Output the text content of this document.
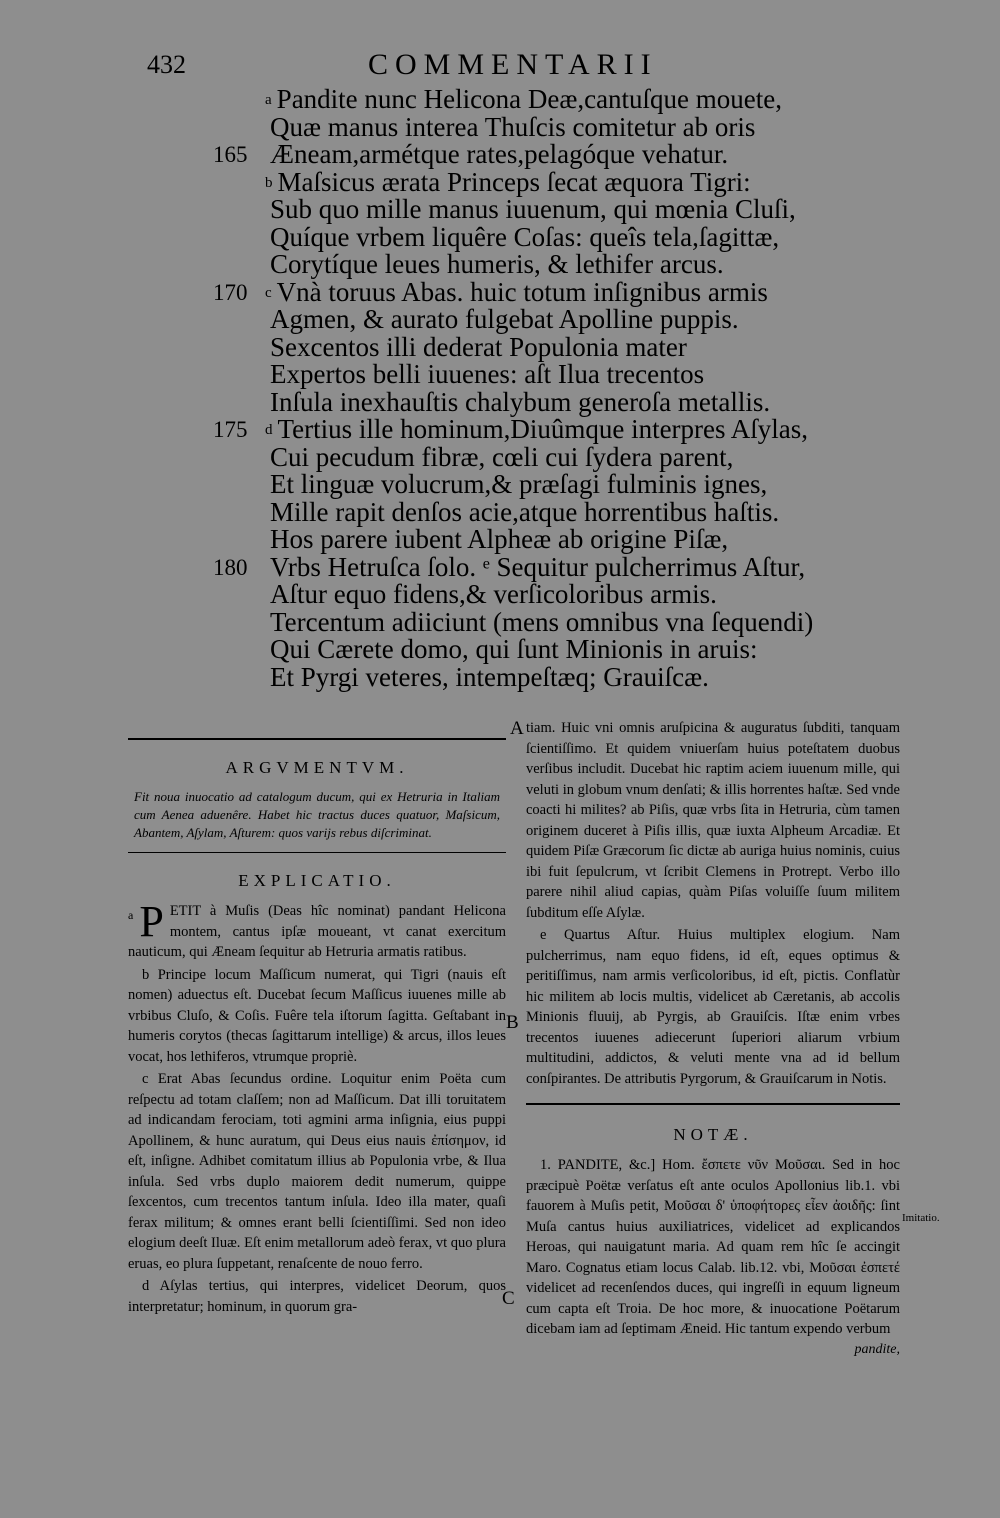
432	COMMENTARII
a Pandite nunc Helicona Deæ,cantuſque mouete,
Quæ manus interea Thuſcis comitetur ab oris
165 Æneam,armétque rates,pelagóque vehatur.
b Maſsicus ærata Princeps ſecat æquora Tigri:
Sub quo mille manus iuuenum, qui mœnia Cluſi,
Quíque vrbem liquêre Coſas: queîs tela,ſagittæ,
Corytíque leues humeris, & lethifer arcus.
170	c Vnà toruus Abas. huic totum inſignibus armis
Agmen, & aurato fulgebat Apolline puppis.
Sexcentos illi dederat Populonia mater
Expertos belli iuuenes: aſt Ilua trecentos
Inſula inexhauſtis chalybum generoſa metallis.
175	d Tertius ille hominum,Diuûmque interpres Aſylas,
Cui pecudum fibræ, cœli cui ſydera parent,
Et linguæ volucrum,& præſagi fulminis ignes,
Mille rapit denſos acie,atque horrentibus haſtis.
Hos parere iubent Alpheæ ab origine Piſæ,
180 Vrbs Hetruſca ſolo. ᵉ Sequitur pulcherrimus Aſtur,
Aſtur equo fidens,& verſicoloribus armis.
Tercentum adiiciunt (mens omnibus vna ſequendi)
Qui Cærete domo, qui ſunt Minionis in aruis:
Et Pyrgi veteres, intempeſtæq; Grauiſcæ.
A
B
C
ARGVMENTVM.
Fit noua inuocatio ad catalogum ducum, qui ex Hetruria in Italiam cum Aenea aduenêre. Habet hic tractus duces quatuor, Maſsicum, Abantem, Aſylam, Aſturem: quos varijs rebus diſcriminat.
EXPLICATIO.
a P ETIT à Muſis (Deas hîc nominat) pandant Helicona montem, cantus ipſæ moueant, vt canat exercitum nauticum, qui Æneam ſequitur ab Hetruria armatis ratibus.
b Principe locum Maſſicum numerat, qui Tigri (nauis eſt nomen) aduectus eſt. Ducebat ſecum Maſſicus iuuenes mille ab vrbibus Cluſo, & Coſis. Fuêre tela iſtorum ſagitta. Geſtabant in humeris corytos (thecas ſagittarum intellige) & arcus, illos leues vocat, hos lethiferos, vtrumque propriè.
c Erat Abas ſecundus ordine. Loquitur enim Poëta cum reſpectu ad totam claſſem; non ad Maſſicum. Dat illi toruitatem ad indicandam ferociam, toti agmini arma inſignia, eius puppi Apollinem, & hunc auratum, qui Deus eius nauis ἐπίσημον, id eſt, inſigne. Adhibet comitatum illius ab Populonia vrbe, & Ilua inſula. Sed vrbs duplo maiorem dedit numerum, quippe ſexcentos, cum trecentos tantum inſula. Ideo illa mater, quaſi ferax militum; & omnes erant belli ſcientiſſimi. Sed non ideo elogium deeſt Iluæ. Eſt enim metallorum adeò ferax, vt quo plura eruas, eo plura ſuppetant, renaſcente de nouo ferro.
d Aſylas tertius, qui interpres, videlicet Deorum, quos interpretatur; hominum, in quorum gra-
tiam. Huic vni omnis aruſpicina & auguratus ſubditi, tanquam ſcientiſſimo. Et quidem vniuerſam huius poteſtatem duobus verſibus includit. Ducebat hic raptim aciem iuuenum mille, qui veluti in globum vnum denſati; & illis horrentes haſtæ. Sed vnde coacti hi milites? ab Piſis, quæ vrbs ſita in Hetruria, cùm tamen originem duceret à Piſis illis, quæ iuxta Alpheum Arcadiæ. Et quidem Piſæ Græcorum ſic dictæ ab auriga huius nominis, cuius ibi fuit ſepulcrum, vt ſcribit Clemens in Protrept. Verbo illo parere nihil aliud capias, quàm Piſas voluiſſe ſuum militem ſubditum eſſe Aſylæ.
e Quartus Aſtur. Huius multiplex elogium. Nam pulcherrimus, nam equo fidens, id eſt, eques optimus & peritiſſimus, nam armis verſicoloribus, id eſt, pictis. Conflatùr hic militem ab locis multis, videlicet ab Cæretanis, ab accolis Minionis fluuij, ab Pyrgis, ab Grauiſcis. Iſtæ enim vrbes trecentos iuuenes adiecerunt ſuperiori aliarum vrbium multitudini, addictos, & veluti mente vna ad id bellum conſpirantes. De attributis Pyrgorum, & Grauiſcarum in Notis.
NOTÆ.
1. PANDITE, &c.] Hom. ἔσπετε νῦν Μοῦσαι. Sed in hoc præcipuè Poëtæ verſatus eſt ante oculos Apollonius lib.1. vbi fauorem à Muſis petit, Μοῦσαι δ' ὑποφήτορες εἶεν ἀοιδῆς: ſint Muſa cantus huius auxiliatrices, videlicet ad explicandos Heroas, qui nauigatunt maria. Ad quam rem hîc ſe accingit Maro. Cognatus etiam locus Calab. lib.12. vbi, Μοῦσαι ἐσπετέ videlicet ad recenſendos duces, qui ingreſſi in equum ligneum cum capta eſt Troia. De hoc more, & inuocatione Poëtarum dicebam iam ad ſeptimam Æneid. Hic tantum expendo verbum
pandite,
Imitatio.
